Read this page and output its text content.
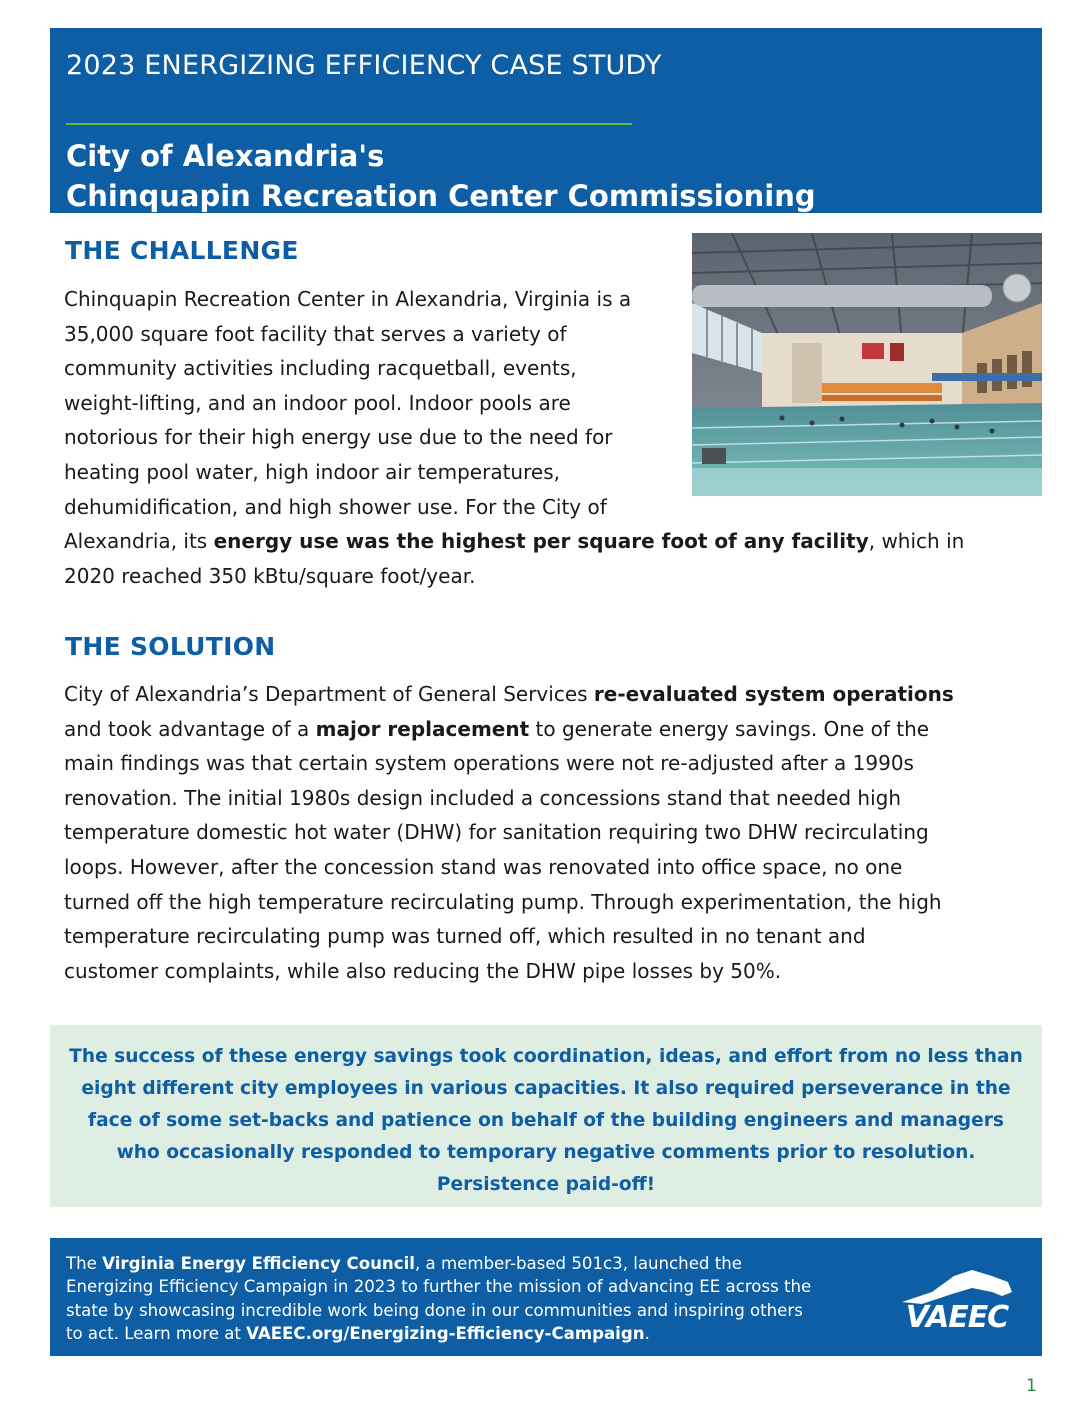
2023 ENERGIZING EFFICIENCY CASE STUDY
City of Alexandria's
Chinquapin Recreation Center Commissioning
THE CHALLENGE
Chinquapin Recreation Center in Alexandria, Virginia is a
35,000 square foot facility that serves a variety of
community activities including racquetball, events,
weight-lifting, and an indoor pool. Indoor pools are
notorious for their high energy use due to the need for
heating pool water, high indoor air temperatures,
dehumidification, and high shower use. For the City of
Alexandria, its energy use was the highest per square foot of any facility, which in
2020 reached 350 kBtu/square foot/year.
THE SOLUTION
City of Alexandria’s Department of General Services re-evaluated system operations
and took advantage of a major replacement to generate energy savings. One of the
main findings was that certain system operations were not re-adjusted after a 1990s
renovation. The initial 1980s design included a concessions stand that needed high
temperature domestic hot water (DHW) for sanitation requiring two DHW recirculating
loops. However, after the concession stand was renovated into office space, no one
turned off the high temperature recirculating pump. Through experimentation, the high
temperature recirculating pump was turned off, which resulted in no tenant and
customer complaints, while also reducing the DHW pipe losses by 50%.
The success of these energy savings took coordination, ideas, and effort from no less than
eight different city employees in various capacities. It also required perseverance in the
face of some set-backs and patience on behalf of the building engineers and managers
who occasionally responded to temporary negative comments prior to resolution.
Persistence paid-off!
The Virginia Energy Efficiency Council, a member-based 501c3, launched the
Energizing Efficiency Campaign in 2023 to further the mission of advancing EE across the
state by showcasing incredible work being done in our communities and inspiring others
to act. Learn more at VAEEC.org/Energizing-Efficiency-Campaign.	VAEEC
1
